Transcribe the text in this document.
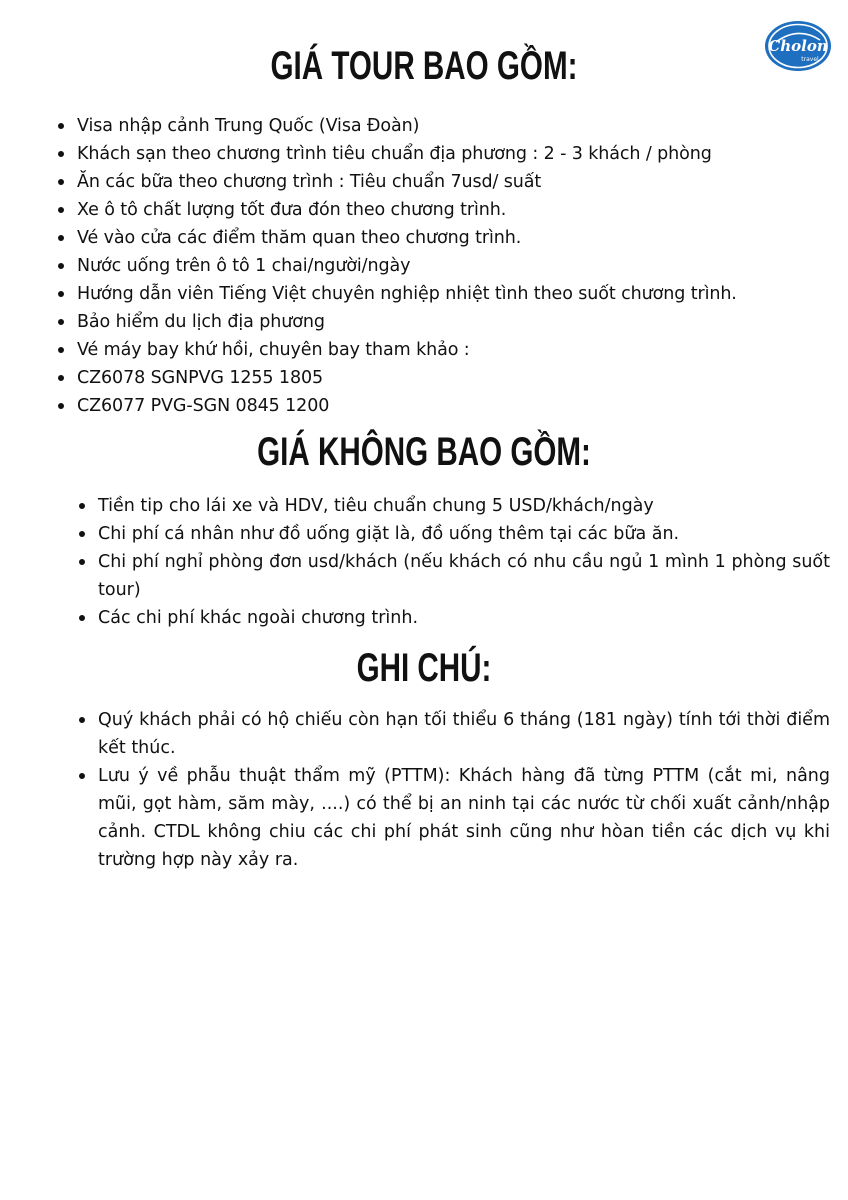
Cholon
travel
GIÁ TOUR BAO GỒM:
Visa nhập cảnh Trung Quốc (Visa Đoàn)
Khách sạn theo chương trình tiêu chuẩn địa phương : 2 - 3 khách / phòng
Ăn các bữa theo chương trình : Tiêu chuẩn 7usd/ suất
Xe ô tô chất lượng tốt đưa đón theo chương trình.
Vé vào cửa các điểm thăm quan theo chương trình.
Nước uống trên ô tô 1 chai/người/ngày
Hướng dẫn viên Tiếng Việt chuyên nghiệp nhiệt tình theo suốt chương trình.
Bảo hiểm du lịch địa phương
Vé máy bay khứ hồi, chuyên bay tham khảo :
CZ6078 SGNPVG 1255 1805
CZ6077 PVG-SGN 0845 1200
GIÁ KHÔNG BAO GỒM:
Tiền tip cho lái xe và HDV, tiêu chuẩn chung 5 USD/khách/ngày
Chi phí cá nhân như đồ uống giặt là, đồ uống thêm tại các bữa ăn.
Chi phí nghỉ phòng đơn usd/khách (nếu khách có nhu cầu ngủ 1 mình 1 phòng suốt tour)
Các chi phí khác ngoài chương trình.
GHI CHÚ:
Quý khách phải có hộ chiếu còn hạn tối thiểu 6 tháng (181 ngày) tính tới thời điểm kết thúc.
Lưu ý về phẫu thuật thẩm mỹ (PTTM): Khách hàng đã từng PTTM (cắt mi, nâng mũi, gọt hàm, săm mày, ....) có thể bị an ninh tại các nước từ chối xuất cảnh/nhập cảnh. CTDL không chiu các chi phí phát sinh cũng như hòan tiền các dịch vụ khi trường hợp này xảy ra.
